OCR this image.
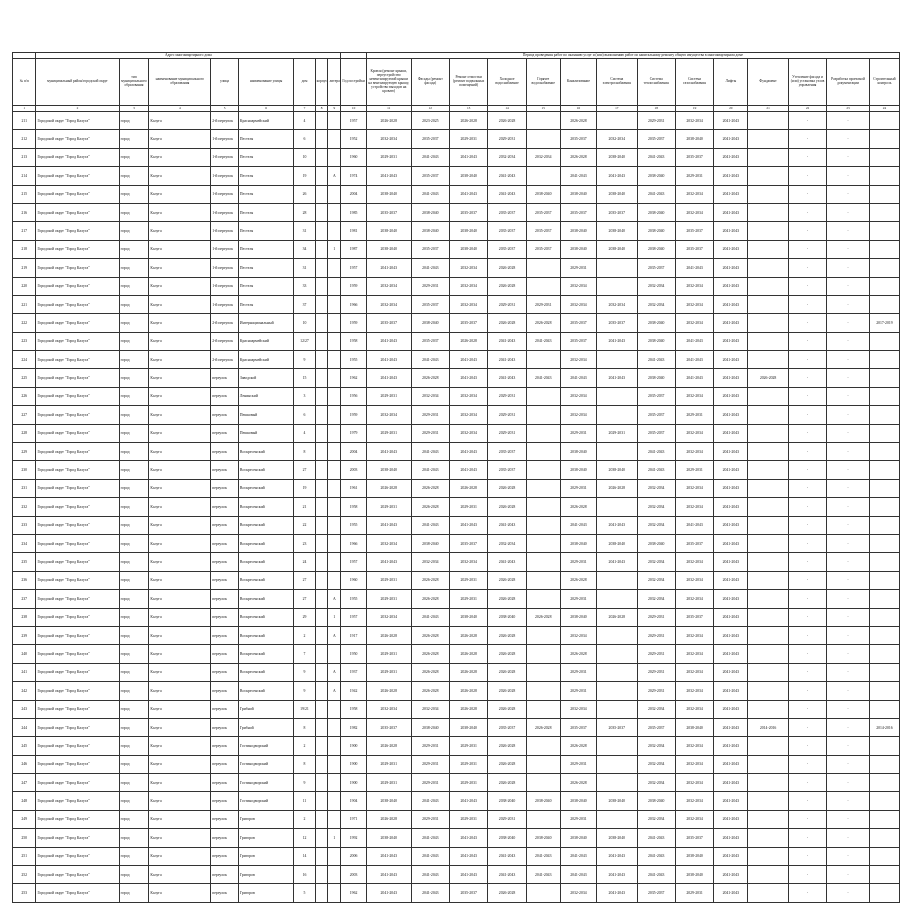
	Адрес многоквартирного дома									Период проведения работ по оказанию услуг и (или) выполнению работ по капитальному ремонту общего имущества в многоквартирном доме													
№ п/п	муниципальный район/городской округ	тип муниципального образования	наименование муниципального образования	улица	наименование улицы	дом	корпус	литера	Год постройки	Кровля (ремонт крыши, переустройство невентилируемой крыши на вентилируемую крышу, устройство выходов на кровлю)	Фасады (ремонт фасада)	Ремонт отмостки (ремонт подвальных помещений)	Холодное водоснабжение	Горячее водоснабжение	Канализование	Система электроснабжения	Система теплоснабжения	Система газоснабжения	Лифты	Фундамент	Утепление фасада и (или) установка узлов управления	Разработка проектной документации	Строительный контроль
1	2	3	4	5	6	7	8	9	10	11	12	13	14	15	16	17	18	19	20	21	22	23	24
211	Городской округ "Город Калуга"	город	Калуга	2-й переулок	Красноармейский	4			1957	2026-2028	2023-2025	2026-2028	2026-2028		2026-2028		2029-2031	2032-2034	2041-2043		-	-	
212	Городской округ "Город Калуга"	город	Калуга	1-й переулок	Пестеля	6			1952	2032-2034	2035-2037	2029-2031	2029-2031		2035-2037	2032-2034	2035-2037	2038-2040	2041-2043		-	-	
213	Городской округ "Город Калуга"	город	Калуга	1-й переулок	Пестеля	10			1960	2029-2031	2041-2043	2041-2043	2032-2034	2032-2034	2026-2028	2038-2040	2041-2043	2035-2037	2041-2043		-	-	
214	Городской округ "Город Калуга"	город	Калуга	1-й переулок	Пестеля	19		А	1974	2041-2043	2035-2037	2038-2040	2041-2043		2041-2043	2041-2043	2038-2040	2029-2031	2041-2043		-	-	
215	Городской округ "Город Калуга"	город	Калуга	1-й переулок	Пестеля	26			2004	2038-2040	2041-2043	2041-2043	2041-2043	2038-2040	2038-2040	2038-2040	2041-2043	2032-2034	2041-2043		-	-	
216	Городской округ "Город Калуга"	город	Калуга	1-й переулок	Пестеля	28			1985	2035-2037	2038-2040	2035-2037	2035-2037	2035-2037	2035-2037	2035-2037	2038-2040	2032-2034	2041-2043		-	-	
217	Городской округ "Город Калуга"	город	Калуга	1-й переулок	Пестеля	31			1981	2038-2040	2038-2040	2038-2040	2035-2037	2035-2037	2038-2040	2038-2040	2038-2040	2035-2037	2041-2043		-	-	
218	Городской округ "Город Калуга"	город	Калуга	1-й переулок	Пестеля	34		1	1987	2038-2040	2035-2037	2038-2040	2035-2037	2035-2037	2038-2040	2038-2040	2038-2040	2035-2037	2041-2043		-	-	
219	Городской округ "Город Калуга"	город	Калуга	1-й переулок	Пестеля	31			1957	2041-2043	2041-2043	2032-2034	2026-2028		2029-2031		2035-2037	2041-2043	2041-2043		-	-	
220	Городской округ "Город Калуга"	город	Калуга	1-й переулок	Пестеля	33			1959	2032-2034	2029-2031	2032-2034	2026-2028		2032-2034		2032-2034	2032-2034	2041-2043		-	-	
221	Городской округ "Город Калуга"	город	Калуга	1-й переулок	Пестеля	37			1966	2032-2034	2035-2037	2032-2034	2029-2031	2029-2031	2032-2034	2032-2034	2032-2034	2032-2034	2041-2043		-	-	
222	Городской округ "Город Калуга"	город	Калуга	2-й переулок	Интернациональный	10			1959	2035-2037	2038-2040	2035-2037	2026-2028	2026-2028	2035-2037	2035-2037	2038-2040	2032-2034	2041-2043		-	-	2017-2019
223	Городской округ "Город Калуга"	город	Калуга	2-й переулок	Красноармейский	12/27			1958	2041-2043	2035-2037	2026-2028	2041-2043	2041-2043	2035-2037	2041-2043	2038-2040	2041-2043	2041-2043		-	-	
224	Городской округ "Город Калуга"	город	Калуга	2-й переулок	Красноармейский	9			1955	2041-2043	2041-2043	2041-2043	2041-2043		2032-2034		2041-2043	2041-2043	2041-2043		-	-	
225	Городской округ "Город Калуга"	город	Калуга	переулок	Заводской	15			1962	2041-2043	2026-2028	2041-2043	2041-2043	2041-2043	2041-2043	2041-2043	2038-2040	2041-2043	2041-2043	2026-2028	-	-	
226	Городской округ "Город Калуга"	город	Калуга	переулок	Ленинский	3			1956	2029-2031	2032-2034	2032-2034	2029-2031		2032-2034		2035-2037	2032-2034	2041-2043		-	-	
227	Городской округ "Город Калуга"	город	Калуга	переулок	Пешковый	6			1959	2032-2034	2029-2031	2032-2034	2029-2031		2032-2034		2035-2037	2029-2031	2041-2043		-	-	
228	Городской округ "Город Калуга"	город	Калуга	переулок	Пешковый	4			1979	2029-2031	2029-2031	2032-2034	2029-2031		2029-2031	2029-2031	2035-2037	2032-2034	2041-2043		-	-	
229	Городской округ "Город Калуга"	город	Калуга	переулок	Воскресенский	8			2004	2041-2043	2041-2043	2041-2043	2035-2037		2038-2040		2041-2043	2032-2034	2041-2043		-	-	
230	Городской округ "Город Калуга"	город	Калуга	переулок	Воскресенский	27			2003	2038-2040	2041-2043	2041-2043	2035-2037		2038-2040	2038-2040	2041-2043	2029-2031	2041-2043		-	-	
231	Городской округ "Город Калуга"	город	Калуга	переулок	Воскресенский	19			1961	2026-2028	2026-2028	2026-2028	2026-2028		2029-2031	2026-2028	2032-2034	2032-2034	2041-2043		-	-	
232	Городской округ "Город Калуга"	город	Калуга	переулок	Воскресенский	21			1958	2029-2031	2026-2028	2029-2031	2026-2028		2026-2028		2032-2034	2032-2034	2041-2043		-	-	
233	Городской округ "Город Калуга"	город	Калуга	переулок	Воскресенский	22			1955	2041-2043	2041-2043	2041-2043	2041-2043		2041-2043	2041-2043	2032-2034	2041-2043	2041-2043		-	-	
234	Городской округ "Город Калуга"	город	Калуга	переулок	Воскресенский	23			1966	2032-2034	2038-2040	2035-2037	2032-2034		2038-2040	2038-2040	2038-2040	2035-2037	2041-2043		-	-	
235	Городской округ "Город Калуга"	город	Калуга	переулок	Воскресенский	24			1957	2041-2043	2032-2034	2032-2034	2041-2043		2029-2031	2041-2043	2032-2034	2032-2034	2041-2043		-	-	
236	Городской округ "Город Калуга"	город	Калуга	переулок	Воскресенский	27			1960	2029-2031	2026-2028	2029-2031	2026-2028		2026-2028		2032-2034	2032-2034	2041-2043		-	-	
237	Городской округ "Город Калуга"	город	Калуга	переулок	Воскресенский	27		А	1955	2029-2031	2026-2028	2029-2031	2026-2028		2029-2031		2032-2034	2032-2034	2041-2043		-	-	
238	Городской округ "Город Калуга"	город	Калуга	переулок	Воскресенский	29		1	1957	2032-2034	2041-2043	2038-2040	2038-2040	2026-2028	2038-2040	2026-2028	2029-2031	2035-2037	2041-2043		-	-	
239	Городской округ "Город Калуга"	город	Калуга	переулок	Воскресенский	2		А	1917	2026-2028	2026-2028	2026-2028	2026-2028		2032-2034		2029-2031	2032-2034	2041-2043		-	-	
240	Городской округ "Город Калуга"	город	Калуга	переулок	Воскресенский	7			1950	2029-2031	2026-2028	2026-2028	2026-2028		2026-2028		2029-2031	2032-2034	2041-2043		-	-	
241	Городской округ "Город Калуга"	город	Калуга	переулок	Воскресенский	9		А	1937	2029-2031	2026-2028	2026-2028	2026-2028		2029-2031		2029-2031	2032-2034	2041-2043		-	-	
242	Городской округ "Город Калуга"	город	Калуга	переулок	Воскресенский	9		А	1942	2026-2028	2026-2028	2026-2028	2026-2028		2029-2031		2029-2031	2032-2034	2041-2043		-	-	
243	Городской округ "Город Калуга"	город	Калуга	переулок	Грибной	19/21			1958	2032-2034	2032-2034	2026-2028	2026-2028		2032-2034		2032-2034	2032-2034	2041-2043		-	-	
244	Городской округ "Город Калуга"	город	Калуга	переулок	Грибной	8			1982	2035-2037	2038-2040	2038-2040	2035-2037	2026-2028	2035-2037	2035-2037	2035-2037	2038-2040	2041-2043	2014-2016	-	-	2014-2016
245	Городской округ "Город Калуга"	город	Калуга	переулок	Гостинодворский	2			1900	2026-2028	2029-2031	2029-2031	2026-2028		2026-2028		2032-2034	2032-2034	2041-2043		-	-	
246	Городской округ "Город Калуга"	город	Калуга	переулок	Гостинодворский	8			1900	2029-2031	2029-2031	2029-2031	2026-2028		2029-2031		2032-2034	2032-2034	2041-2043		-	-	
247	Городской округ "Город Калуга"	город	Калуга	переулок	Гостинодворский	9			1900	2029-2031	2029-2031	2029-2031	2026-2028		2026-2028		2032-2034	2032-2034	2041-2043		-	-	
248	Городской округ "Город Калуга"	город	Калуга	переулок	Гостинодворский	11			1904	2038-2040	2041-2043	2041-2043	2038-2040	2038-2040	2038-2040	2038-2040	2038-2040	2032-2034	2041-2043		-	-	
249	Городской округ "Город Калуга"	город	Калуга	переулок	Григоров	2			1971	2026-2028	2029-2031	2029-2031	2029-2031		2029-2031		2032-2034	2032-2034	2041-2043		-	-	
250	Городской округ "Город Калуга"	город	Калуга	переулок	Григоров	12		1	1992	2038-2040	2041-2043	2041-2043	2038-2040	2038-2040	2038-2040	2038-2040	2041-2043	2035-2037	2041-2043		-	-	
251	Городской округ "Город Калуга"	город	Калуга	переулок	Григоров	14			2006	2041-2043	2041-2043	2041-2043	2041-2043	2041-2043	2041-2043	2041-2043	2041-2043	2038-2040	2041-2043		-	-	
252	Городской округ "Город Калуга"	город	Калуга	переулок	Григоров	16			2003	2041-2043	2041-2043	2041-2043	2041-2043	2041-2043	2041-2043	2041-2043	2041-2043	2038-2040	2041-2043		-	-	
253	Городской округ "Город Калуга"	город	Калуга	переулок	Григоров	5			1962	2041-2043	2041-2043	2035-2037	2026-2028		2032-2034	2041-2043	2035-2037	2029-2031	2041-2043		-	-	
